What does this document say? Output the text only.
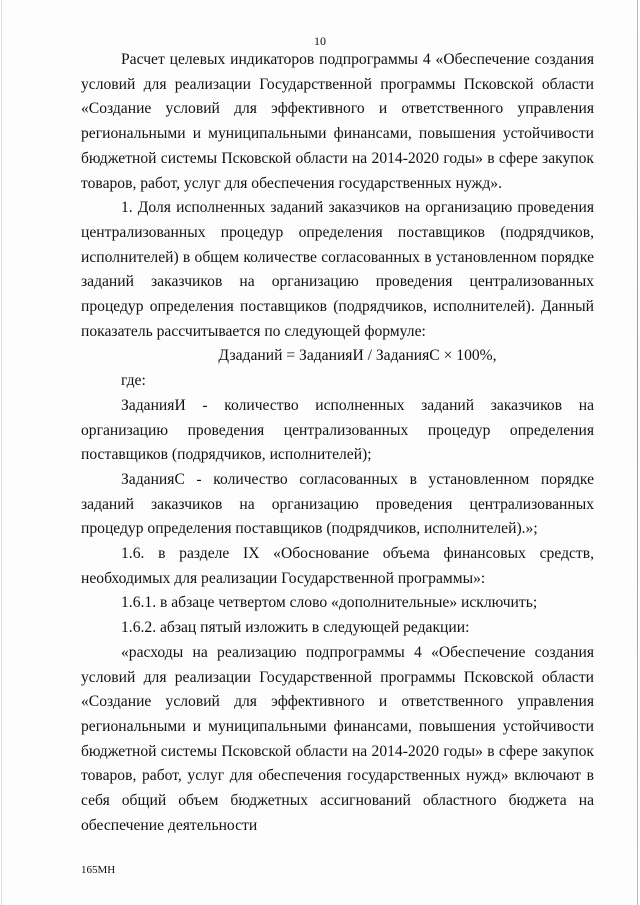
10

Расчет целевых индикаторов подпрограммы 4 «Обеспечение создания условий для реализации Государственной программы Псковской области «Создание условий для эффективного и ответственного управления региональными и муниципальными финансами, повышения устойчивости бюджетной системы Псковской области на 2014-2020 годы» в сфере закупок товаров, работ, услуг для обеспечения государственных нужд».

1. Доля исполненных заданий заказчиков на организацию проведения централизованных процедур определения поставщиков (подрядчиков, исполнителей) в общем количестве согласованных в установленном порядке заданий заказчиков на организацию проведения централизованных процедур определения поставщиков (подрядчиков, исполнителей). Данный показатель рассчитывается по следующей формуле:

Дзаданий = ЗаданияИ / ЗаданияС × 100%,

где:

ЗаданияИ - количество исполненных заданий заказчиков на организацию проведения централизованных процедур определения поставщиков (подрядчиков, исполнителей);

ЗаданияС - количество согласованных в установленном порядке заданий заказчиков на организацию проведения централизованных процедур определения поставщиков (подрядчиков, исполнителей).»;

1.6. в разделе IX «Обоснование объема финансовых средств, необходимых для реализации Государственной программы»:

1.6.1. в абзаце четвертом слово «дополнительные» исключить;

1.6.2. абзац пятый изложить в следующей редакции:

«расходы на реализацию подпрограммы 4 «Обеспечение создания условий для реализации Государственной программы Псковской области «Создание условий для эффективного и ответственного управления региональными и муниципальными финансами, повышения устойчивости бюджетной системы Псковской области на 2014-2020 годы» в сфере закупок товаров, работ, услуг для обеспечения государственных нужд» включают в себя общий объем бюджетных ассигнований областного бюджета на обеспечение деятельности

165МН
